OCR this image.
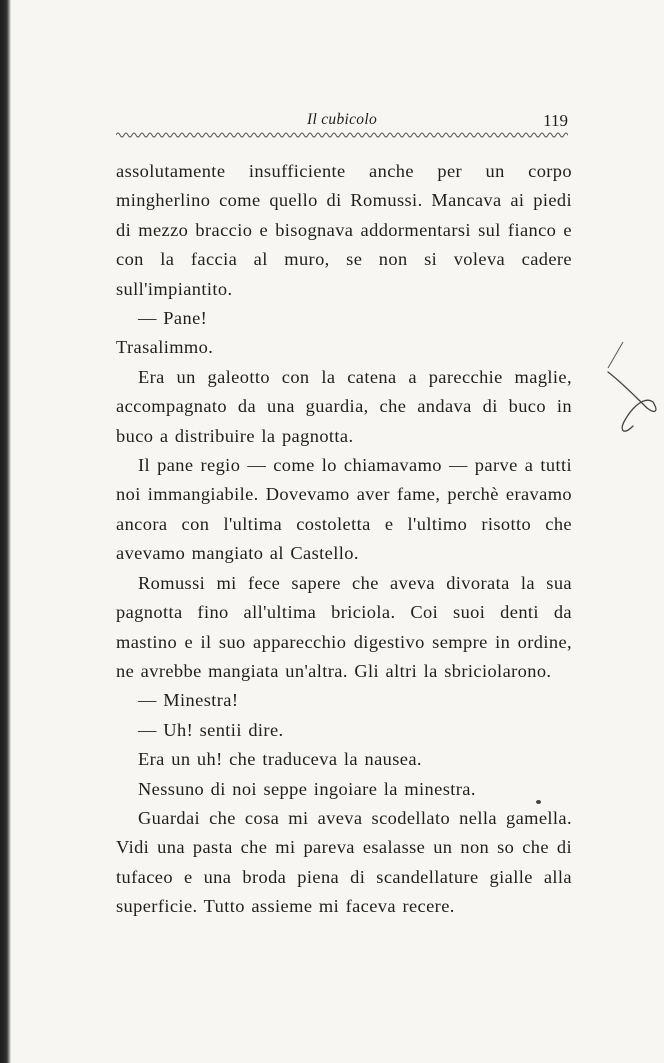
Il cubicolo	119

assolutamente insufficiente anche per un corpo mingherlino come quello di Romussi. Mancava ai piedi di mezzo braccio e bisognava addormentarsi sul fianco e con la faccia al muro, se non si voleva cadere sull'impiantito.

— Pane!

Trasalimmo.

Era un galeotto con la catena a parecchie maglie, accompagnato da una guardia, che andava di buco in buco a distribuire la pagnotta.

Il pane regio — come lo chiamavamo — parve a tutti noi immangiabile. Dovevamo aver fame, perchè eravamo ancora con l'ultima costoletta e l'ultimo risotto che avevamo mangiato al Castello.

Romussi mi fece sapere che aveva divorata la sua pagnotta fino all'ultima briciola. Coi suoi denti da mastino e il suo apparecchio digestivo sempre in ordine, ne avrebbe mangiata un'altra. Gli altri la sbriciolarono.

— Minestra!

— Uh! sentii dire.

Era un uh! che traduceva la nausea.

Nessuno di noi seppe ingoiare la minestra.

Guardai che cosa mi aveva scodellato nella gamella. Vidi una pasta che mi pareva esalasse un non so che di tufaceo e una broda piena di scandellature gialle alla superficie. Tutto assieme mi faceva recere.
